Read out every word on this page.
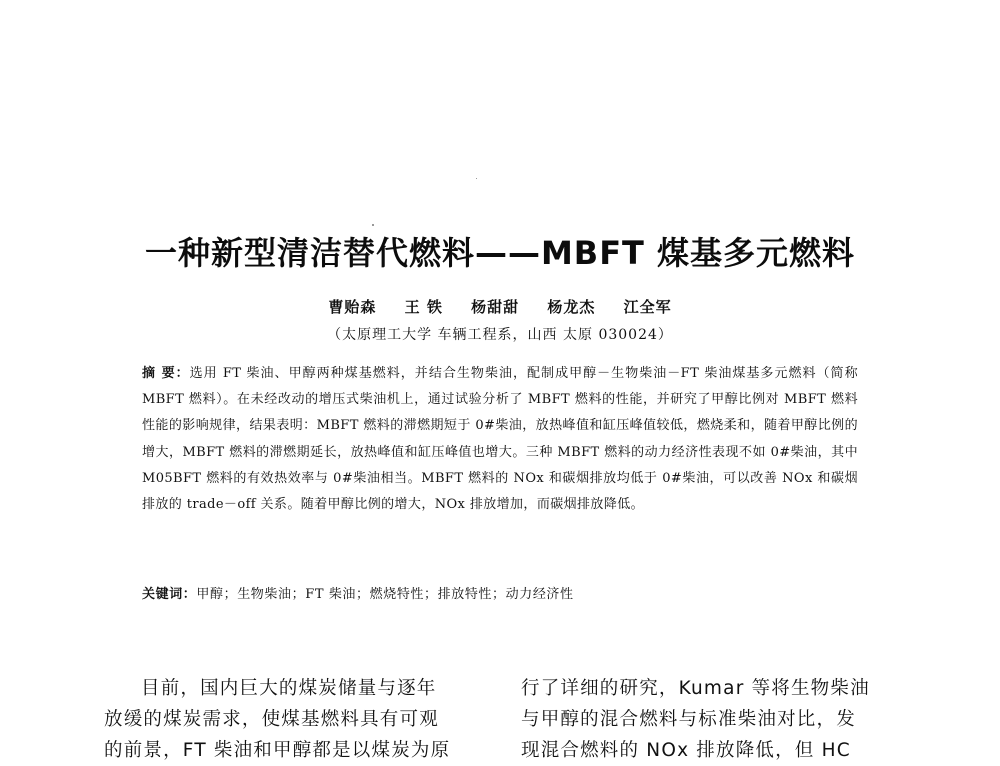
一种新型清洁替代燃料——MBFT 煤基多元燃料
曹贻森 王 铁 杨甜甜 杨龙杰 江全军
（太原理工大学 车辆工程系，山西 太原 030024）
摘 要：选用 FT 柴油、甲醇两种煤基燃料，并结合生物柴油，配制成甲醇－生物柴油－FT 柴油煤基多元燃料（简称 MBFT 燃料）。在未经改动的增压式柴油机上，通过试验分析了 MBFT 燃料的性能，并研究了甲醇比例对 MBFT 燃料性能的影响规律，结果表明：MBFT 燃料的滞燃期短于 0#柴油，放热峰值和缸压峰值较低，燃烧柔和，随着甲醇比例的增大，MBFT 燃料的滞燃期延长，放热峰值和缸压峰值也增大。三种 MBFT 燃料的动力经济性表现不如 0#柴油，其中 M05BFT 燃料的有效热效率与 0#柴油相当。MBFT 燃料的 NOx 和碳烟排放均低于 0#柴油，可以改善 NOx 和碳烟排放的 trade－off 关系。随着甲醇比例的增大，NOx 排放增加，而碳烟排放降低。
关键词：甲醇；生物柴油；FT 柴油；燃烧特性；排放特性；动力经济性
目前，国内巨大的煤炭储量与逐年
放缓的煤炭需求，使煤基燃料具有可观
的前景，FT 柴油和甲醇都是以煤炭为原
行了详细的研究，Kumar 等将生物柴油
与甲醇的混合燃料与标准柴油对比，发
现混合燃料的 NOx 排放降低，但 HC
